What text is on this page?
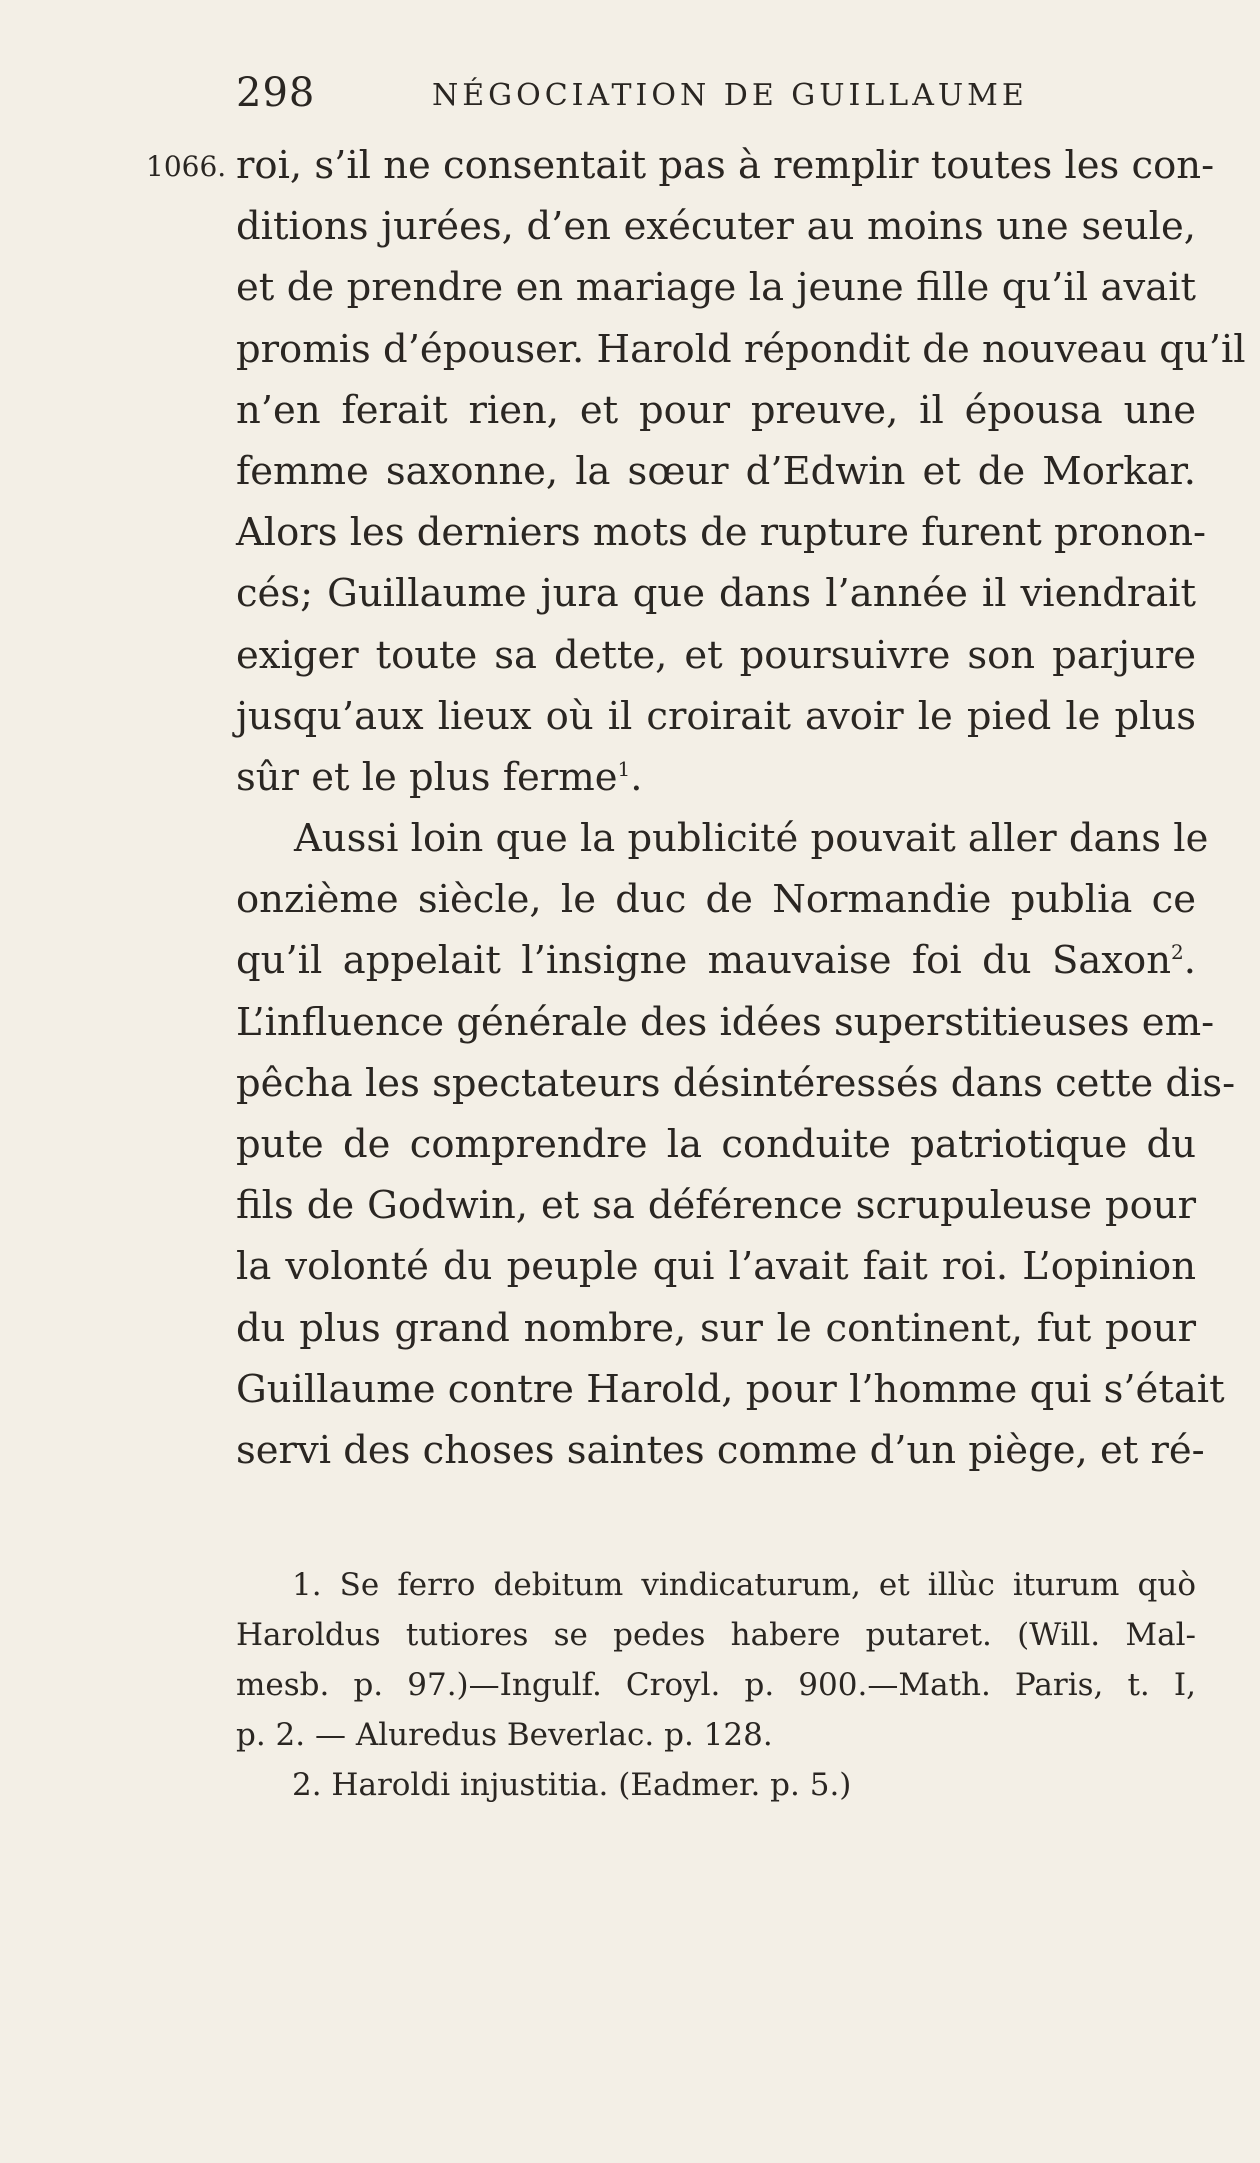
298	NÉGOCIATION DE GUILLAUME
1066. roi, s’il ne consentait pas à remplir toutes les con-
ditions jurées, d’en exécuter au moins une seule,
et de prendre en mariage la jeune fille qu’il avait
promis d’épouser. Harold répondit de nouveau qu’il
n’en ferait rien, et pour preuve, il épousa une
femme saxonne, la sœur d’Edwin et de Morkar.
Alors les derniers mots de rupture furent pronon-
cés; Guillaume jura que dans l’année il viendrait
exiger toute sa dette, et poursuivre son parjure
jusqu’aux lieux où il croirait avoir le pied le plus
sûr et le plus ferme$^1$.
Aussi loin que la publicité pouvait aller dans le
onzième siècle, le duc de Normandie publia ce
qu’il appelait l’insigne mauvaise foi du Saxon$^2$.
L’influence générale des idées superstitieuses em-
pêcha les spectateurs désintéressés dans cette dis-
pute de comprendre la conduite patriotique du
fils de Godwin, et sa déférence scrupuleuse pour
la volonté du peuple qui l’avait fait roi. L’opinion
du plus grand nombre, sur le continent, fut pour
Guillaume contre Harold, pour l’homme qui s’était
servi des choses saintes comme d’un piège, et ré-
1. Se ferro debitum vindicaturum, et illùc iturum quò
Haroldus tutiores se pedes habere putaret. (Will. Mal-
mesb. p. 97.)—Ingulf. Croyl. p. 900.—Math. Paris, t. I,
p. 2. — Aluredus Beverlac. p. 128.
2. Haroldi injustitia. (Eadmer. p. 5.)
